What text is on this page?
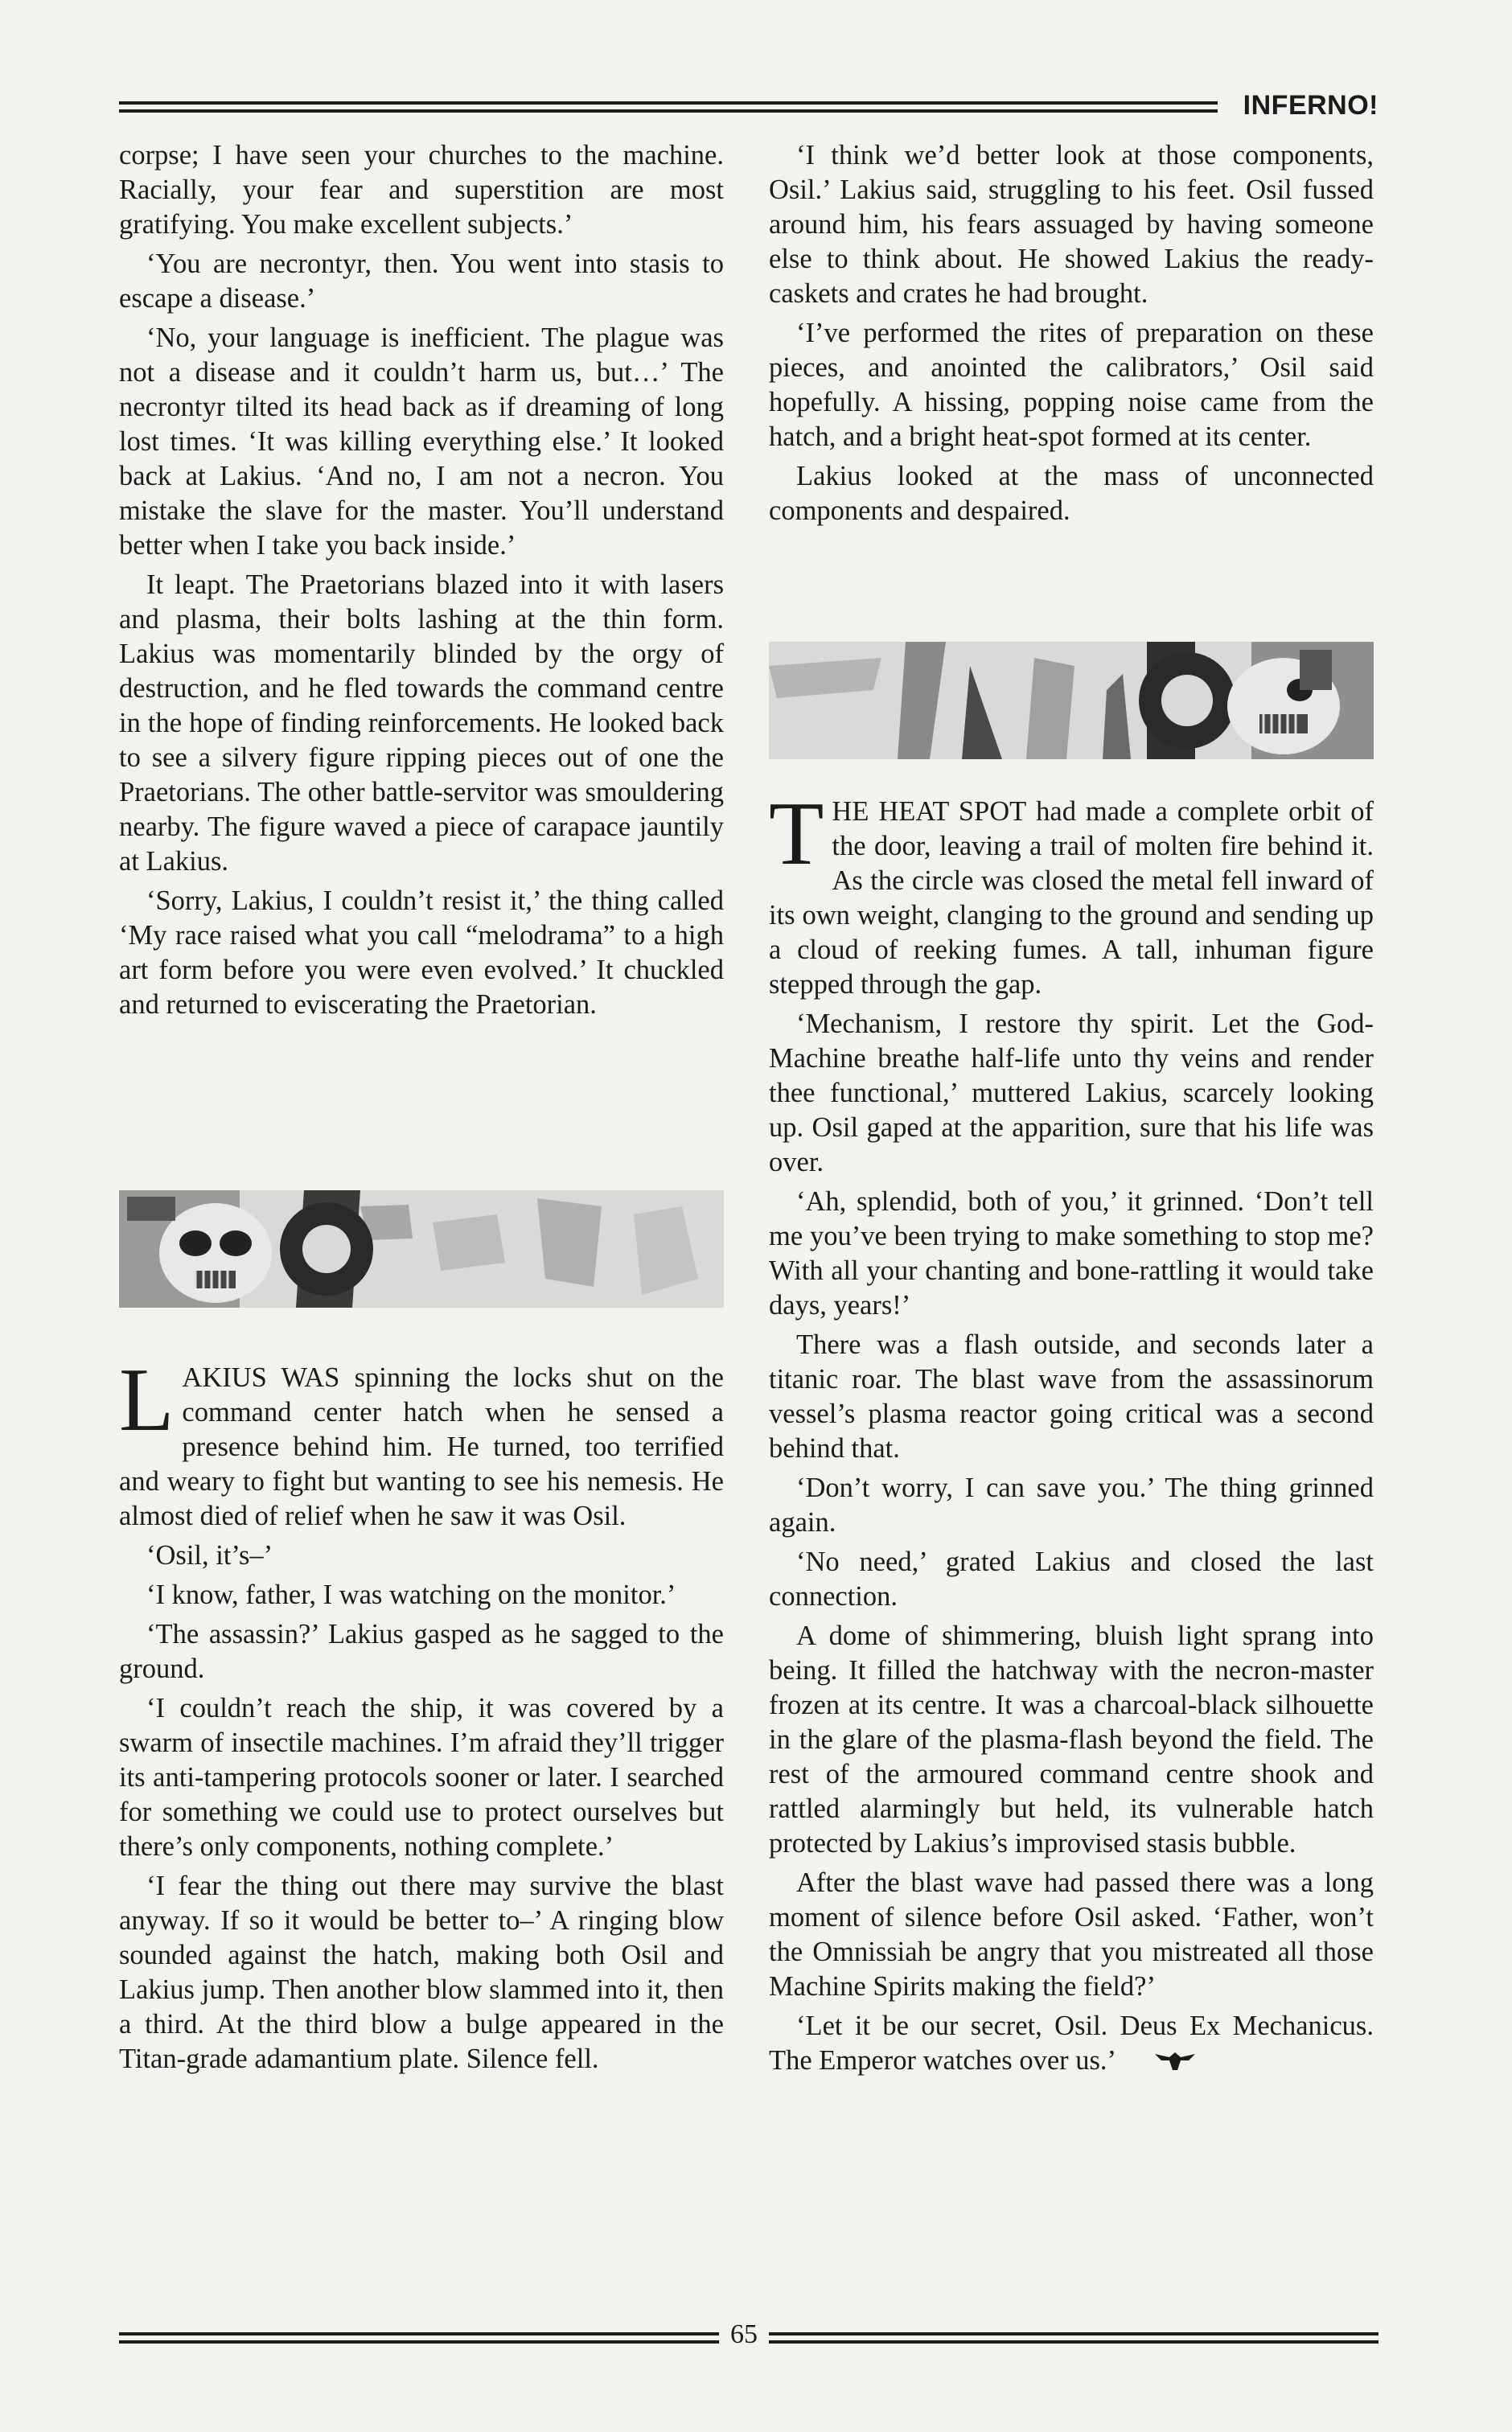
INFERNO!

corpse; I have seen your churches to the machine. Racially, your fear and superstition are most gratifying. You make excellent subjects.’

‘You are necrontyr, then. You went into stasis to escape a disease.’

‘No, your language is inefficient. The plague was not a disease and it couldn’t harm us, but…’ The necrontyr tilted its head back as if dreaming of long lost times. ‘It was killing everything else.’ It looked back at Lakius. ‘And no, I am not a necron. You mistake the slave for the master. You’ll understand better when I take you back inside.’

It leapt. The Praetorians blazed into it with lasers and plasma, their bolts lashing at the thin form. Lakius was momentarily blinded by the orgy of destruction, and he fled towards the command centre in the hope of finding reinforcements. He looked back to see a silvery figure ripping pieces out of one the Praetorians. The other battle-servitor was smouldering nearby. The figure waved a piece of carapace jauntily at Lakius.

‘Sorry, Lakius, I couldn’t resist it,’ the thing called ‘My race raised what you call “melodrama” to a high art form before you were even evolved.’ It chuckled and returned to eviscerating the Praetorian.

LAKIUS WAS spinning the locks shut on the command center hatch when he sensed a presence behind him. He turned, too terrified and weary to fight but wanting to see his nemesis. He almost died of relief when he saw it was Osil.

‘Osil, it’s–’

‘I know, father, I was watching on the monitor.’

‘The assassin?’ Lakius gasped as he sagged to the ground.

‘I couldn’t reach the ship, it was covered by a swarm of insectile machines. I’m afraid they’ll trigger its anti-tampering protocols sooner or later. I searched for something we could use to protect ourselves but there’s only components, nothing complete.’

‘I fear the thing out there may survive the blast anyway. If so it would be better to–’ A ringing blow sounded against the hatch, making both Osil and Lakius jump. Then another blow slammed into it, then a third. At the third blow a bulge appeared in the Titan-grade adamantium plate. Silence fell.

‘I think we’d better look at those components, Osil.’ Lakius said, struggling to his feet. Osil fussed around him, his fears assuaged by having someone else to think about. He showed Lakius the ready-caskets and crates he had brought.

‘I’ve performed the rites of preparation on these pieces, and anointed the calibrators,’ Osil said hopefully. A hissing, popping noise came from the hatch, and a bright heat-spot formed at its center.

Lakius looked at the mass of unconnected components and despaired.

THE HEAT SPOT had made a complete orbit of the door, leaving a trail of molten fire behind it. As the circle was closed the metal fell inward of its own weight, clanging to the ground and sending up a cloud of reeking fumes. A tall, inhuman figure stepped through the gap.

‘Mechanism, I restore thy spirit. Let the God-Machine breathe half-life unto thy veins and render thee functional,’ muttered Lakius, scarcely looking up. Osil gaped at the apparition, sure that his life was over.

‘Ah, splendid, both of you,’ it grinned. ‘Don’t tell me you’ve been trying to make something to stop me? With all your chanting and bone-rattling it would take days, years!’

There was a flash outside, and seconds later a titanic roar. The blast wave from the assassinorum vessel’s plasma reactor going critical was a second behind that.

‘Don’t worry, I can save you.’ The thing grinned again.

‘No need,’ grated Lakius and closed the last connection.

A dome of shimmering, bluish light sprang into being. It filled the hatchway with the necron-master frozen at its centre. It was a charcoal-black silhouette in the glare of the plasma-flash beyond the field. The rest of the armoured command centre shook and rattled alarmingly but held, its vulnerable hatch protected by Lakius’s improvised stasis bubble.

After the blast wave had passed there was a long moment of silence before Osil asked. ‘Father, won’t the Omnissiah be angry that you mistreated all those Machine Spirits making the field?’

‘Let it be our secret, Osil. Deus Ex Mechanicus. The Emperor watches over us.’

65
